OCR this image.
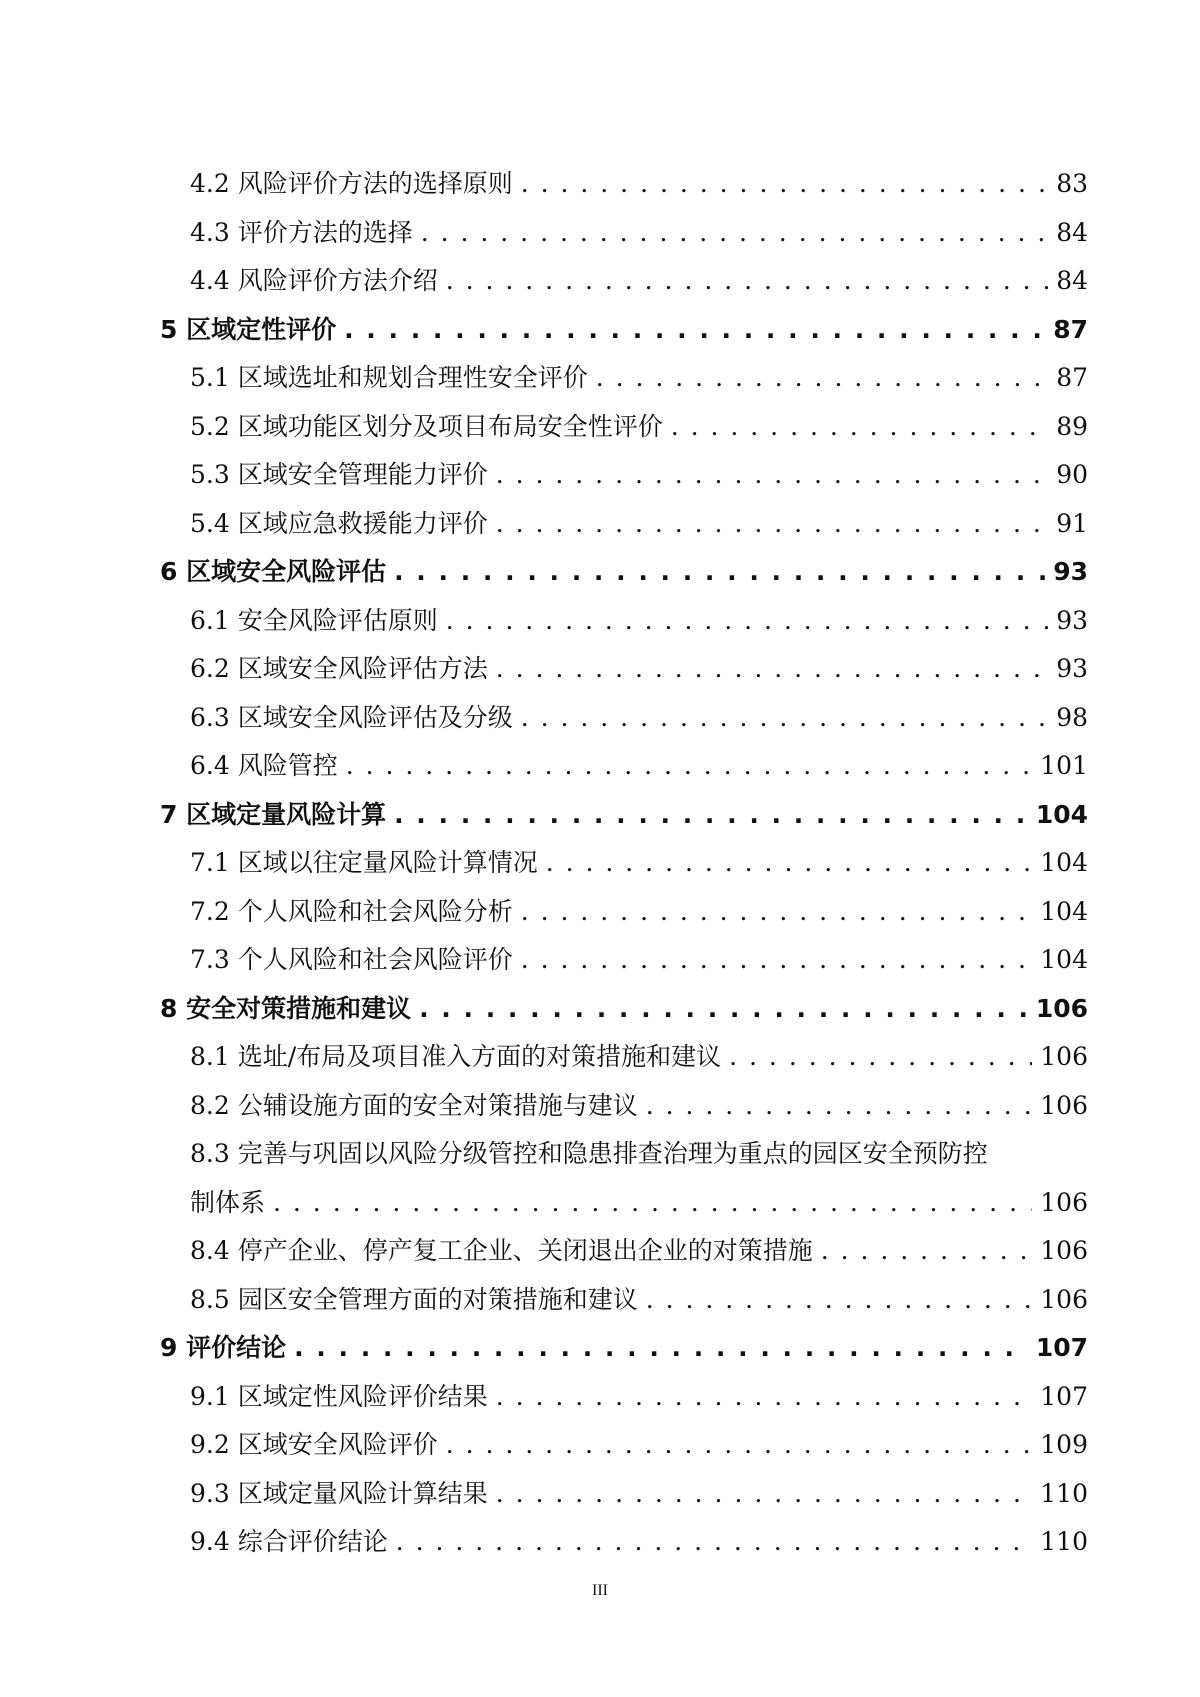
4.2 风险评价方法的选择原则 . . .	83
4.3 评价方法的选择 . . .	84
4.4 风险评价方法介绍 . . .	84
5 区域定性评价 . . .	87
5.1 区域选址和规划合理性安全评价 . . .	87
5.2 区域功能区划分及项目布局安全性评价 . . .	89
5.3 区域安全管理能力评价 . . .	90
5.4 区域应急救援能力评价 . . .	91
6 区域安全风险评估 . . .	93
6.1 安全风险评估原则 . . .	93
6.2 区域安全风险评估方法 . . .	93
6.3 区域安全风险评估及分级 . . .	98
6.4 风险管控 . . .	101
7 区域定量风险计算 . . .	104
7.1 区域以往定量风险计算情况 . . .	104
7.2 个人风险和社会风险分析 . . .	104
7.3 个人风险和社会风险评价 . . .	104
8 安全对策措施和建议 . . .	106
8.1 选址/布局及项目准入方面的对策措施和建议 . . .	106
8.2 公辅设施方面的安全对策措施与建议 . . .	106
8.3 完善与巩固以风险分级管控和隐患排查治理为重点的园区安全预防控
制体系 . . .	106
8.4 停产企业、停产复工企业、关闭退出企业的对策措施 . . .	106
8.5 园区安全管理方面的对策措施和建议 . . .	106
9 评价结论 . . .	107
9.1 区域定性风险评价结果 . . .	107
9.2 区域安全风险评价 . . .	109
9.3 区域定量风险计算结果 . . .	110
9.4 综合评价结论 . . .	110
III
